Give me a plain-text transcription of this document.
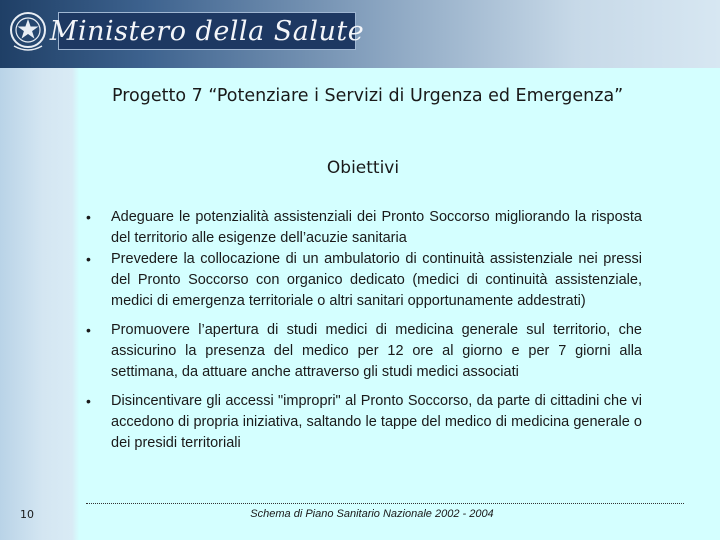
Ministero della Salute
Progetto 7 “Potenziare i Servizi di Urgenza ed Emergenza”
Obiettivi
• Adeguare le potenzialità assistenziali dei Pronto Soccorso migliorando la risposta del territorio alle esigenze dell’acuzie sanitaria
• Prevedere la collocazione di un ambulatorio di continuità assistenziale nei pressi del Pronto Soccorso con organico dedicato (medici di continuità assistenziale, medici di emergenza territoriale o altri sanitari opportunamente addestrati)
• Promuovere l’apertura di studi medici di medicina generale sul territorio, che assicurino la presenza del medico per 12 ore al giorno e per 7 giorni alla settimana, da attuare anche attraverso gli studi medici associati
• Disincentivare gli accessi "impropri" al Pronto Soccorso, da parte di cittadini che vi accedono di propria iniziativa, saltando le tappe del medico di medicina generale o dei presidi territoriali
10	Schema di Piano Sanitario Nazionale 2002 - 2004
